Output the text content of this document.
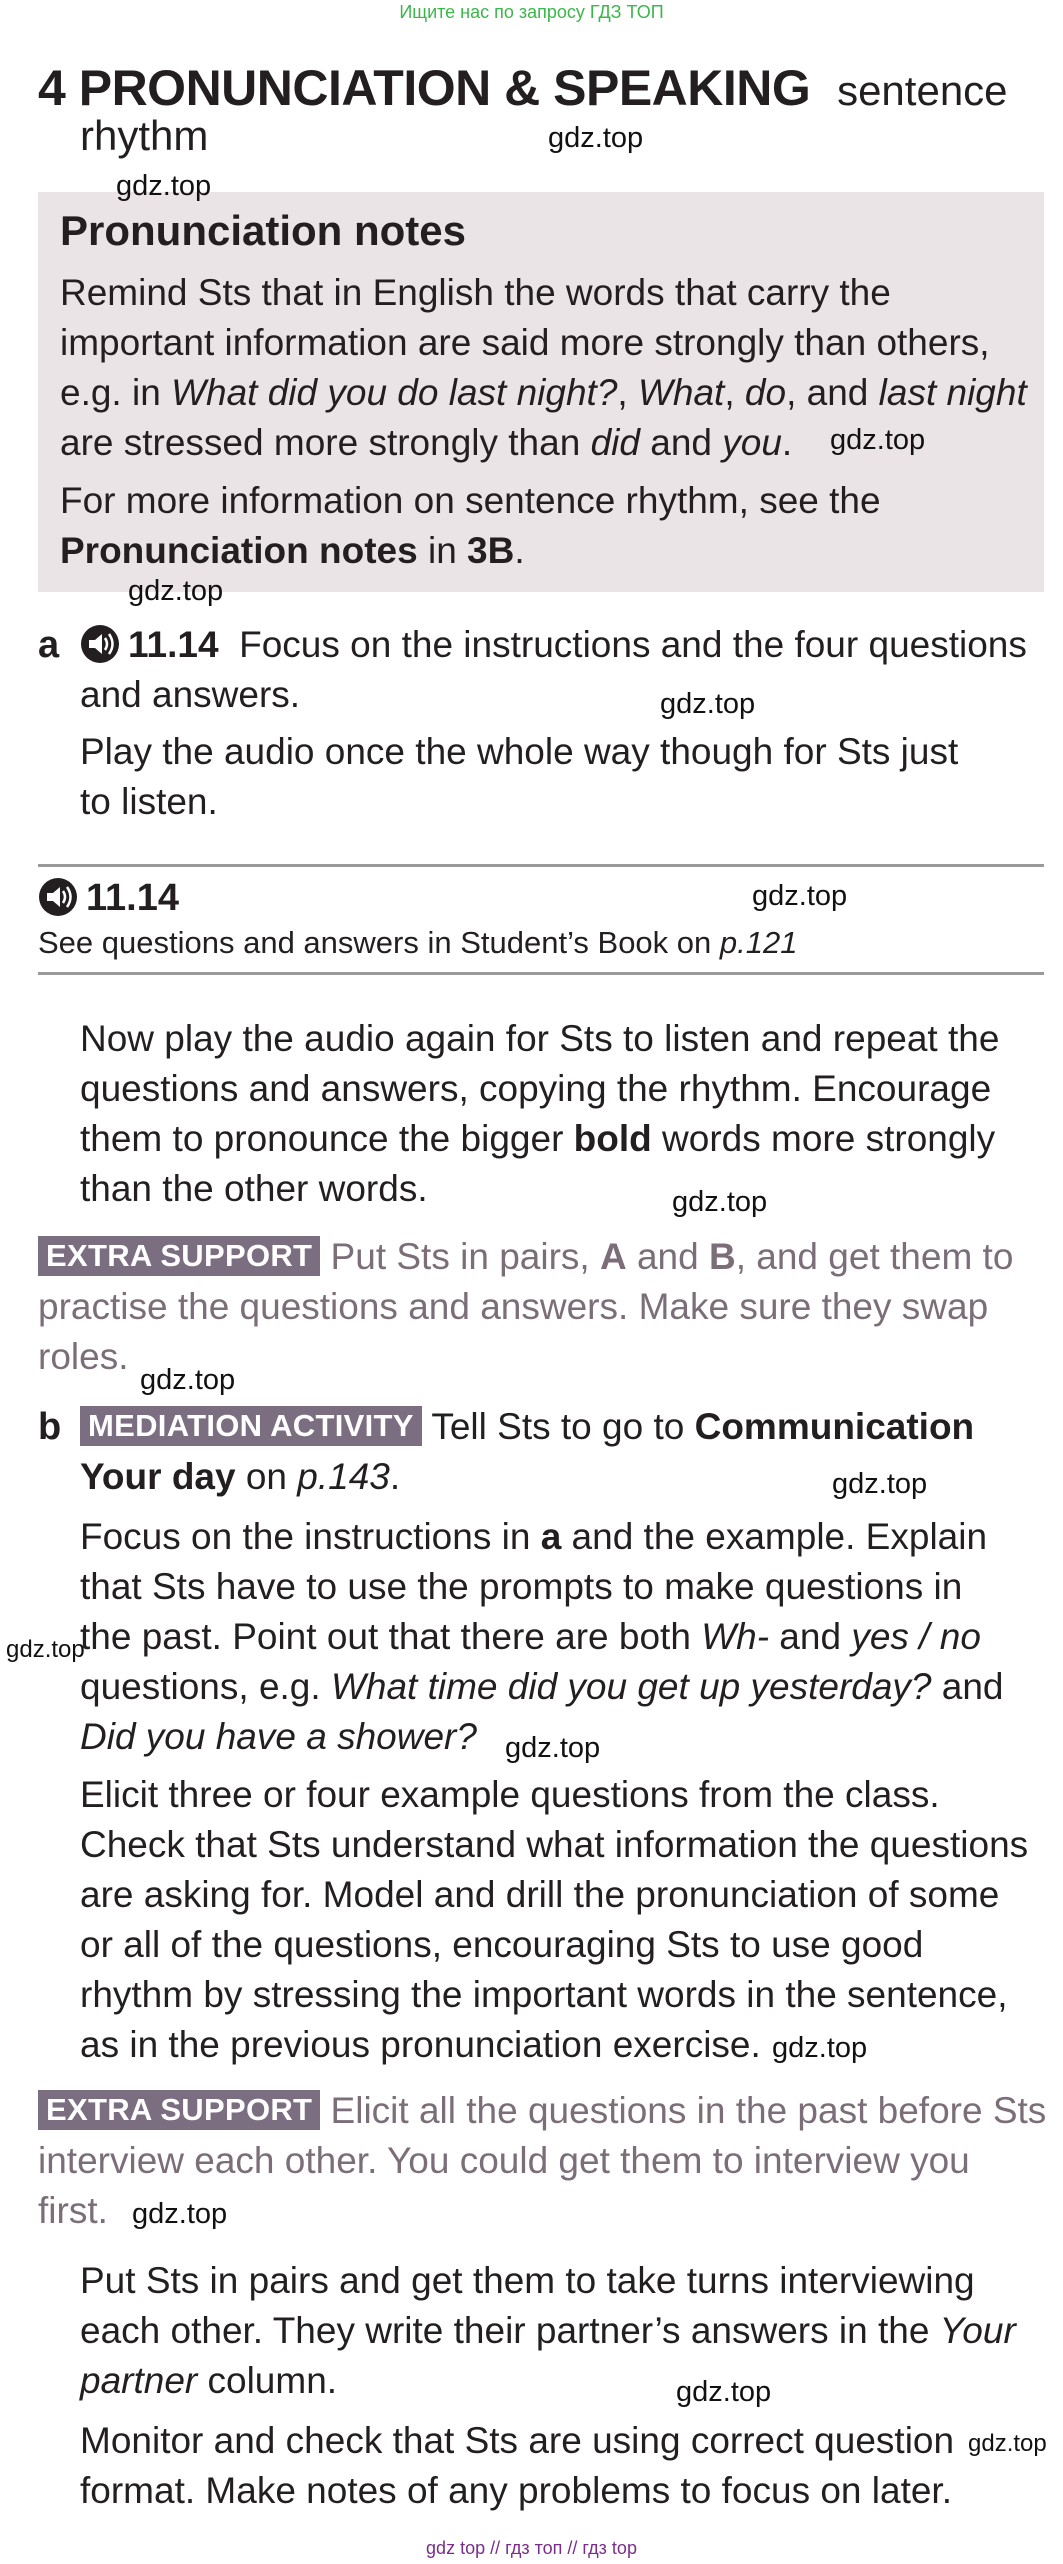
Ищите нас по запросу ГДЗ ТОП
4 PRONUNCIATION & SPEAKING sentence
rhythm
Pronunciation notes
Remind Sts that in English the words that carry the
important information are said more strongly than others,
e.g. in What did you do last night?, What, do, and last night
are stressed more strongly than did and you.
For more information on sentence rhythm, see the
Pronunciation notes in 3B.
a	11.14 Focus on the instructions and the four questions
and answers.
Play the audio once the whole way though for Sts just
to listen.
11.14
See questions and answers in Student’s Book on p.121
Now play the audio again for Sts to listen and repeat the
questions and answers, copying the rhythm. Encourage
them to pronounce the bigger bold words more strongly
than the other words.
EXTRA SUPPORT Put Sts in pairs, A and B, and get them to
practise the questions and answers. Make sure they swap
roles.
b MEDIATION ACTIVITY Tell Sts to go to Communication
Your day on p.143.
Focus on the instructions in a and the example. Explain
that Sts have to use the prompts to make questions in
the past. Point out that there are both Wh- and yes / no
questions, e.g. What time did you get up yesterday? and
Did you have a shower?
Elicit three or four example questions from the class.
Check that Sts understand what information the questions
are asking for. Model and drill the pronunciation of some
or all of the questions, encouraging Sts to use good
rhythm by stressing the important words in the sentence,
as in the previous pronunciation exercise.
EXTRA SUPPORT Elicit all the questions in the past before Sts
interview each other. You could get them to interview you
first.
Put Sts in pairs and get them to take turns interviewing
each other. They write their partner’s answers in the Your
partner column.
Monitor and check that Sts are using correct question
format. Make notes of any problems to focus on later.
gdz.top
gdz.top
gdz.top
gdz.top
gdz.top
gdz.top
gdz.top
gdz.top
gdz.top
gdz.top
gdz.top
gdz.top
gdz.top
gdz.top
gdz.top
gdz top // гдз топ // гдз top
